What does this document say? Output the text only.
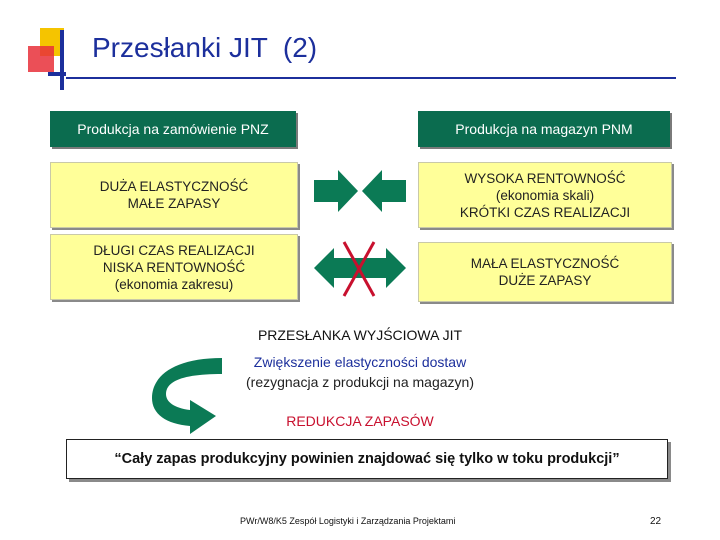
Przesłanki JIT  (2)
Produkcja na zamówienie PNZ	Produkcja na magazyn PNM
DUŻA ELASTYCZNOŚĆ
MAŁE ZAPASY
WYSOKA RENTOWNOŚĆ
(ekonomia skali)
KRÓTKI CZAS REALIZACJI
DŁUGI CZAS REALIZACJI
NISKA RENTOWNOŚĆ
(ekonomia zakresu)
MAŁA ELASTYCZNOŚĆ
DUŻE ZAPASY
PRZESŁANKA WYJŚCIOWA JIT
Zwiększenie elastyczności dostaw
(rezygnacja z produkcji na magazyn)
REDUKCJA ZAPASÓW
“Cały zapas produkcyjny powinien znajdować się tylko w toku produkcji”
PWr/W8/K5 Zespół Logistyki i Zarządzania Projektami	22
